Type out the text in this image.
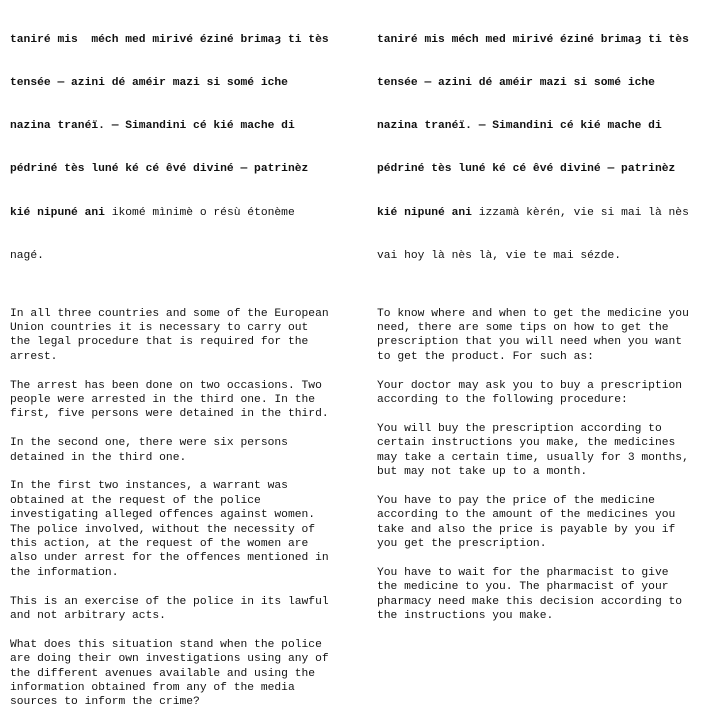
taniré mis  méch med mirivé éziné brimaȝ ti tès

tensée — azini dé améir mazi si somé iche

nazina tranéï. — Simandini cé kié mache di

pédriné tès luné ké cé êvé diviné — patrinèz

kié nipuné ani ikomé mìnimè o résù étonème

nagé.

In all three countries and some of the European
Union countries it is necessary to carry out
the legal procedure that is required for the
arrest.
The arrest has been done on two occasions. Two
people were arrested in the third one. In the
first, five persons were detained in the third.
In the second one, there were six persons
detained in the third one.
In the first two instances, a warrant was
obtained at the request of the police
investigating alleged offences against women.
The police involved, without the necessity of
this action, at the request of the women are
also under arrest for the offences mentioned in
the information.
This is an exercise of the police in its lawful
and not arbitrary acts.
What does this situation stand when the police
are doing their own investigations using any of
the different avenues available and using the
information obtained from any of the media
sources to inform the crime?

taniré mis méch med mirivé éziné brimaȝ ti tès

tensée — azini dé améir mazi si somé iche

nazina tranéï. — Simandini cé kié mache di

pédriné tès luné ké cé êvé diviné — patrinèz

kié nipuné ani izzamà kèrén, vie si mai là nès

vai hoy là nès là, vie te mai sézde.

To know where and when to get the medicine you
need, there are some tips on how to get the
prescription that you will need when you want
to get the product. For such as:
Your doctor may ask you to buy a prescription
according to the following procedure:
You will buy the prescription according to
certain instructions you make, the medicines
may take a certain time, usually for 3 months,
but may not take up to a month.
You have to pay the price of the medicine
according to the amount of the medicines you
take and also the price is payable by you if
you get the prescription.
You have to wait for the pharmacist to give
the medicine to you. The pharmacist of your
pharmacy need make this decision according to
the instructions you make.
